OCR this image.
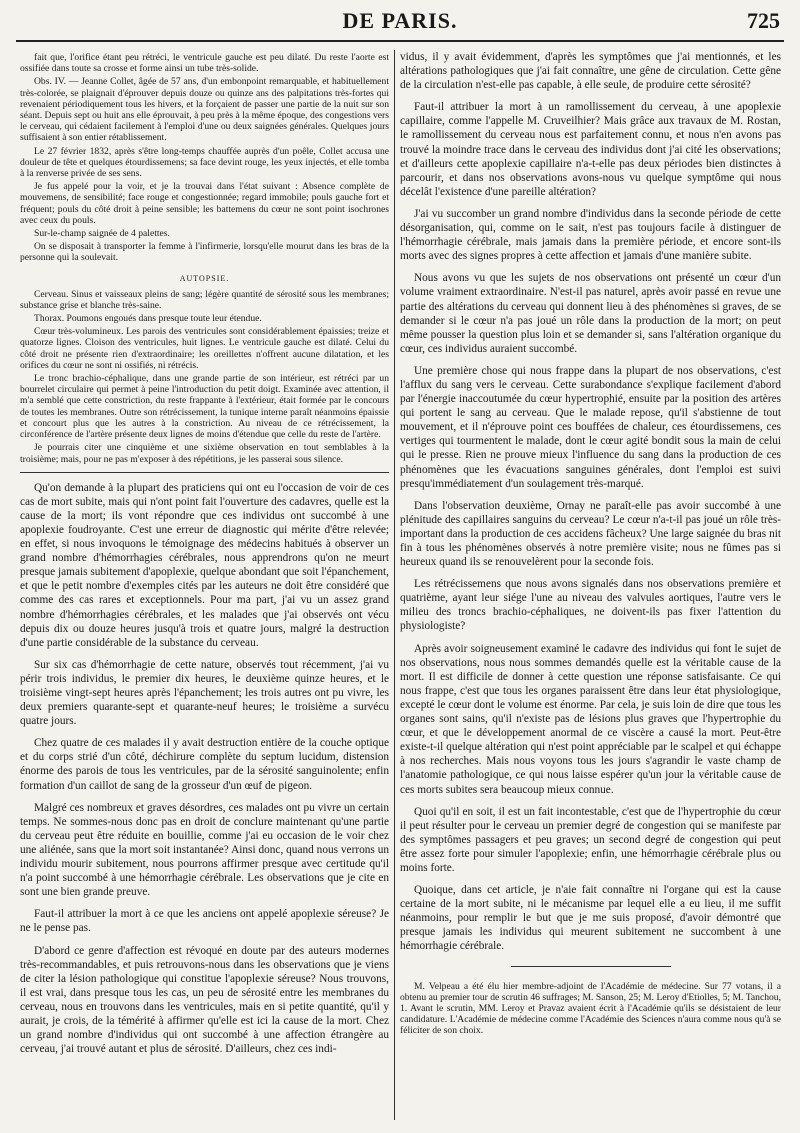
DE PARIS.	725

fait que, l'orifice étant peu rétréci, le ventricule gauche est peu dilaté. Du reste l'aorte est ossifiée dans toute sa crosse et forme ainsi un tube très-solide.

Obs. IV. — Jeanne Collet, âgée de 57 ans, d'un embonpoint remarquable, et habituellement très-colorée, se plaignait d'éprouver depuis douze ou quinze ans des palpitations très-fortes qui revenaient périodiquement tous les hivers, et la forçaient de passer une partie de la nuit sur son séant. Depuis sept ou huit ans elle éprouvait, à peu près à la même époque, des congestions vers le cerveau, qui cédaient facilement à l'emploi d'une ou deux saignées générales. Quelques jours suffisaient à son entier rétablissement.

Le 27 février 1832, après s'être long-temps chauffée auprès d'un poêle, Collet accusa une douleur de tête et quelques étourdissemens; sa face devint rouge, les yeux injectés, et elle tomba à la renverse privée de ses sens.

Je fus appelé pour la voir, et je la trouvai dans l'état suivant : Absence complète de mouvemens, de sensibilité; face rouge et congestionnée; regard immobile; pouls gauche fort et fréquent; pouls du côté droit à peine sensible; les battemens du cœur ne sont point isochrones avec ceux du pouls.

Sur-le-champ saignée de 4 palettes.

On se disposait à transporter la femme à l'infirmerie, lorsqu'elle mourut dans les bras de la personne qui la soulevait.

AUTOPSIE.

Cerveau. Sinus et vaisseaux pleins de sang; légère quantité de sérosité sous les membranes; substance grise et blanche très-saine.

Thorax. Poumons engoués dans presque toute leur étendue.

Cœur très-volumineux. Les parois des ventricules sont considérablement épaissies; treize et quatorze lignes. Cloison des ventricules, huit lignes. Le ventricule gauche est dilaté. Celui du côté droit ne présente rien d'extraordinaire; les oreillettes n'offrent aucune dilatation, et les orifices du cœur ne sont ni ossifiés, ni rétrécis.

Le tronc brachio-céphalique, dans une grande partie de son intérieur, est rétréci par un bourrelet circulaire qui permet à peine l'introduction du petit doigt. Examinée avec attention, il m'a semblé que cette constriction, du reste frappante à l'extérieur, était formée par le concours de toutes les membranes. Outre son rétrécissement, la tunique interne paraît néanmoins épaissie et concourt plus que les autres à la constriction. Au niveau de ce rétrécissement, la circonférence de l'artère présente deux lignes de moins d'étendue que celle du reste de l'artère.

Je pourrais citer une cinquième et une sixième observation en tout semblables à la troisième; mais, pour ne pas m'exposer à des répétitions, je les passerai sous silence.

Qu'on demande à la plupart des praticiens qui ont eu l'occasion de voir de ces cas de mort subite, mais qui n'ont point fait l'ouverture des cadavres, quelle est la cause de la mort; ils vont répondre que ces individus ont succombé à une apoplexie foudroyante. C'est une erreur de diagnostic qui mérite d'être relevée; en effet, si nous invoquons le témoignage des médecins habitués à observer un grand nombre d'hémorrhagies cérébrales, nous apprendrons qu'on ne meurt presque jamais subitement d'apoplexie, quelque abondant que soit l'épanchement, et que le petit nombre d'exemples cités par les auteurs ne doit être considéré que comme des cas rares et exceptionnels. Pour ma part, j'ai vu un assez grand nombre d'hémorrhagies cérébrales, et les malades que j'ai observés ont vécu depuis dix ou douze heures jusqu'à trois et quatre jours, malgré la destruction d'une partie considérable de la substance du cerveau.

Sur six cas d'hémorrhagie de cette nature, observés tout récemment, j'ai vu périr trois individus, le premier dix heures, le deuxième quinze heures, et le troisième vingt-sept heures après l'épanchement; les trois autres ont pu vivre, les deux premiers quarante-sept et quarante-neuf heures; le troisième a survécu quatre jours.

Chez quatre de ces malades il y avait destruction entière de la couche optique et du corps strié d'un côté, déchirure complète du septum lucidum, distension énorme des parois de tous les ventricules, par de la sérosité sanguinolente; enfin formation d'un caillot de sang de la grosseur d'un œuf de pigeon.

Malgré ces nombreux et graves désordres, ces malades ont pu vivre un certain temps. Ne sommes-nous donc pas en droit de conclure maintenant qu'une partie du cerveau peut être réduite en bouillie, comme j'ai eu occasion de le voir chez une aliénée, sans que la mort soit instantanée? Ainsi donc, quand nous verrons un individu mourir subitement, nous pourrons affirmer presque avec certitude qu'il n'a point succombé à une hémorrhagie cérébrale. Les observations que je cite en sont une bien grande preuve.

Faut-il attribuer la mort à ce que les anciens ont appelé apoplexie séreuse? Je ne le pense pas.

D'abord ce genre d'affection est révoqué en doute par des auteurs modernes très-recommandables, et puis retrouvons-nous dans les observations que je viens de citer la lésion pathologique qui constitue l'apoplexie séreuse? Nous trouvons, il est vrai, dans presque tous les cas, un peu de sérosité entre les membranes du cerveau, nous en trouvons dans les ventricules, mais en si petite quantité, qu'il y aurait, je crois, de la témérité à affirmer qu'elle est ici la cause de la mort. Chez un grand nombre d'individus qui ont succombé à une affection étrangère au cerveau, j'ai trouvé autant et plus de sérosité. D'ailleurs, chez ces indi-

vidus, il y avait évidemment, d'après les symptômes que j'ai mentionnés, et les altérations pathologiques que j'ai fait connaître, une gêne de circulation. Cette gêne de la circulation n'est-elle pas capable, à elle seule, de produire cette sérosité?

Faut-il attribuer la mort à un ramollissement du cerveau, à une apoplexie capillaire, comme l'appelle M. Cruveilhier? Mais grâce aux travaux de M. Rostan, le ramollissement du cerveau nous est parfaitement connu, et nous n'en avons pas trouvé la moindre trace dans le cerveau des individus dont j'ai cité les observations; et d'ailleurs cette apoplexie capillaire n'a-t-elle pas deux périodes bien distinctes à parcourir, et dans nos observations avons-nous vu quelque symptôme qui nous décelât l'existence d'une pareille altération?

J'ai vu succomber un grand nombre d'individus dans la seconde période de cette désorganisation, qui, comme on le sait, n'est pas toujours facile à distinguer de l'hémorrhagie cérébrale, mais jamais dans la première période, et encore sont-ils morts avec des signes propres à cette affection et jamais d'une manière subite.

Nous avons vu que les sujets de nos observations ont présenté un cœur d'un volume vraiment extraordinaire. N'est-il pas naturel, après avoir passé en revue une partie des altérations du cerveau qui donnent lieu à des phénomènes si graves, de se demander si le cœur n'a pas joué un rôle dans la production de la mort; on peut même pousser la question plus loin et se demander si, sans l'altération organique du cœur, ces individus auraient succombé.

Une première chose qui nous frappe dans la plupart de nos observations, c'est l'afflux du sang vers le cerveau. Cette surabondance s'explique facilement d'abord par l'énergie inaccoutumée du cœur hypertrophié, ensuite par la position des artères qui portent le sang au cerveau. Que le malade repose, qu'il s'abstienne de tout mouvement, et il n'éprouve point ces bouffées de chaleur, ces étourdissemens, ces vertiges qui tourmentent le malade, dont le cœur agité bondit sous la main de celui qui le presse. Rien ne prouve mieux l'influence du sang dans la production de ces phénomènes que les évacuations sanguines générales, dont l'emploi est suivi presqu'immédiatement d'un soulagement très-marqué.

Dans l'observation deuxième, Ornay ne paraît-elle pas avoir succombé à une plénitude des capillaires sanguins du cerveau? Le cœur n'a-t-il pas joué un rôle très-important dans la production de ces accidens fâcheux? Une large saignée du bras nit fin à tous les phénomènes observés à notre première visite; nous ne fûmes pas si heureux quand ils se renouvelèrent pour la seconde fois.

Les rétrécissemens que nous avons signalés dans nos observations première et quatrième, ayant leur siége l'une au niveau des valvules aortiques, l'autre vers le milieu des troncs brachio-céphaliques, ne doivent-ils pas fixer l'attention du physiologiste?

Après avoir soigneusement examiné le cadavre des individus qui font le sujet de nos observations, nous nous sommes demandés quelle est la véritable cause de la mort. Il est difficile de donner à cette question une réponse satisfaisante. Ce qui nous frappe, c'est que tous les organes paraissent être dans leur état physiologique, excepté le cœur dont le volume est énorme. Par cela, je suis loin de dire que tous les organes sont sains, qu'il n'existe pas de lésions plus graves que l'hypertrophie du cœur, et que le développement anormal de ce viscère a causé la mort. Peut-être existe-t-il quelque altération qui n'est point appréciable par le scalpel et qui échappe à nos recherches. Mais nous voyons tous les jours s'agrandir le vaste champ de l'anatomie pathologique, ce qui nous laisse espérer qu'un jour la véritable cause de ces morts subites sera beaucoup mieux connue.

Quoi qu'il en soit, il est un fait incontestable, c'est que de l'hypertrophie du cœur il peut résulter pour le cerveau un premier degré de congestion qui se manifeste par des symptômes passagers et peu graves; un second degré de congestion qui peut être assez forte pour simuler l'apoplexie; enfin, une hémorrhagie cérébrale plus ou moins forte.

Quoique, dans cet article, je n'aie fait connaître ni l'organe qui est la cause certaine de la mort subite, ni le mécanisme par lequel elle a eu lieu, il me suffit néanmoins, pour remplir le but que je me suis proposé, d'avoir démontré que presque jamais les individus qui meurent subitement ne succombent à une hémorrhagie cérébrale.

M. Velpeau a été élu hier membre-adjoint de l'Académie de médecine. Sur 77 votans, il a obtenu au premier tour de scrutin 46 suffrages; M. Sanson, 25; M. Leroy d'Etiolles, 5; M. Tanchou, 1. Avant le scrutin, MM. Leroy et Pravaz avaient écrit à l'Académie qu'ils se désistaient de leur candidature. L'Académie de médecine comme l'Académie des Sciences n'aura comme nous qu'à se féliciter de son choix.
